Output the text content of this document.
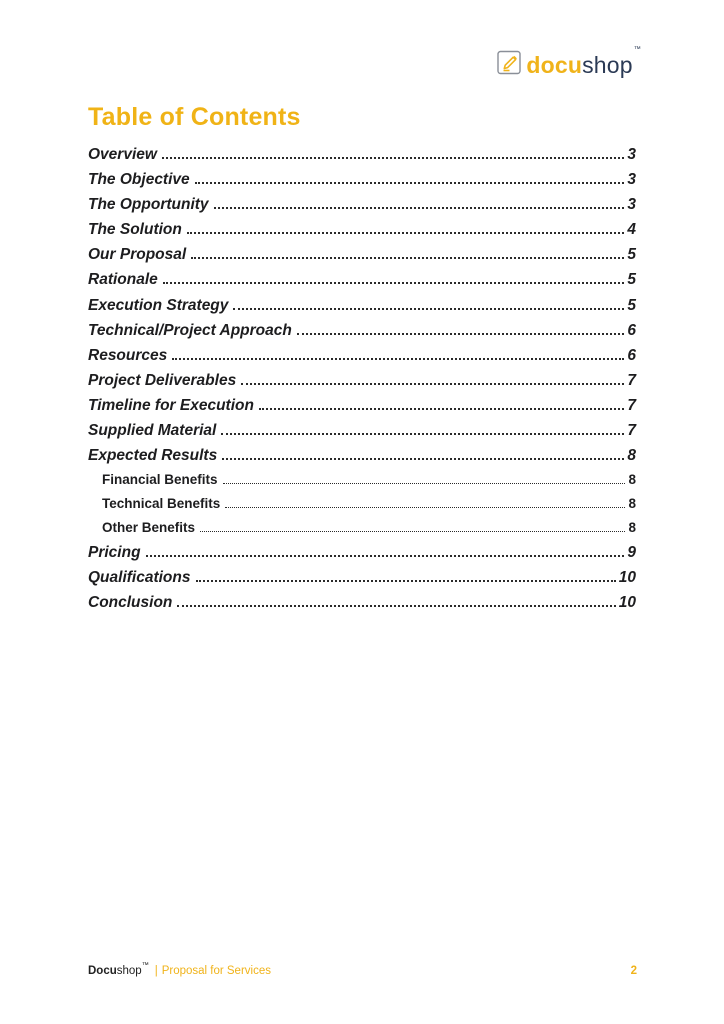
docushop™
Table of Contents
Overview	3
The Objective	3
The Opportunity	3
The Solution	4
Our Proposal	5
Rationale	5
Execution Strategy	5
Technical/Project Approach	6
Resources	6
Project Deliverables	7
Timeline for Execution	7
Supplied Material	7
Expected Results	8
Financial Benefits	8
Technical Benefits	8
Other Benefits	8
Pricing	9
Qualifications	10
Conclusion	10
Docushop™ | Proposal for Services	2
